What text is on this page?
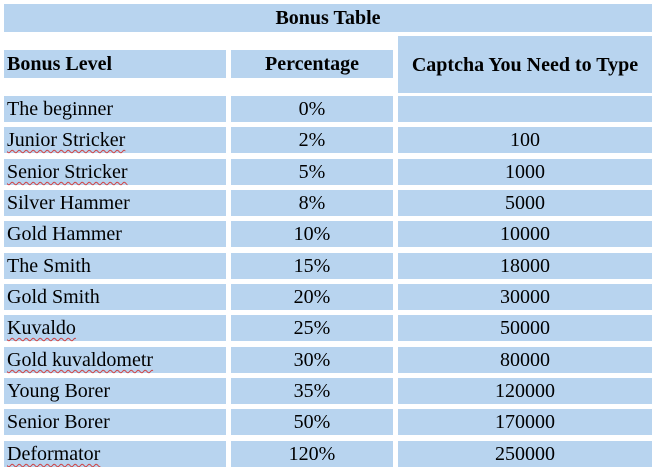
Bonus Table
Bonus Level	Percentage	Captcha You Need to Type
The beginner	0%
Junior Stricker	2%	100
Senior Stricker	5%	1000
Silver Hammer	8%	5000
Gold Hammer	10%	10000
The Smith	15%	18000
Gold Smith	20%	30000
Kuvaldo	25%	50000
Gold kuvaldometr	30%	80000
Young Borer	35%	120000
Senior Borer	50%	170000
Deformator	120%	250000
